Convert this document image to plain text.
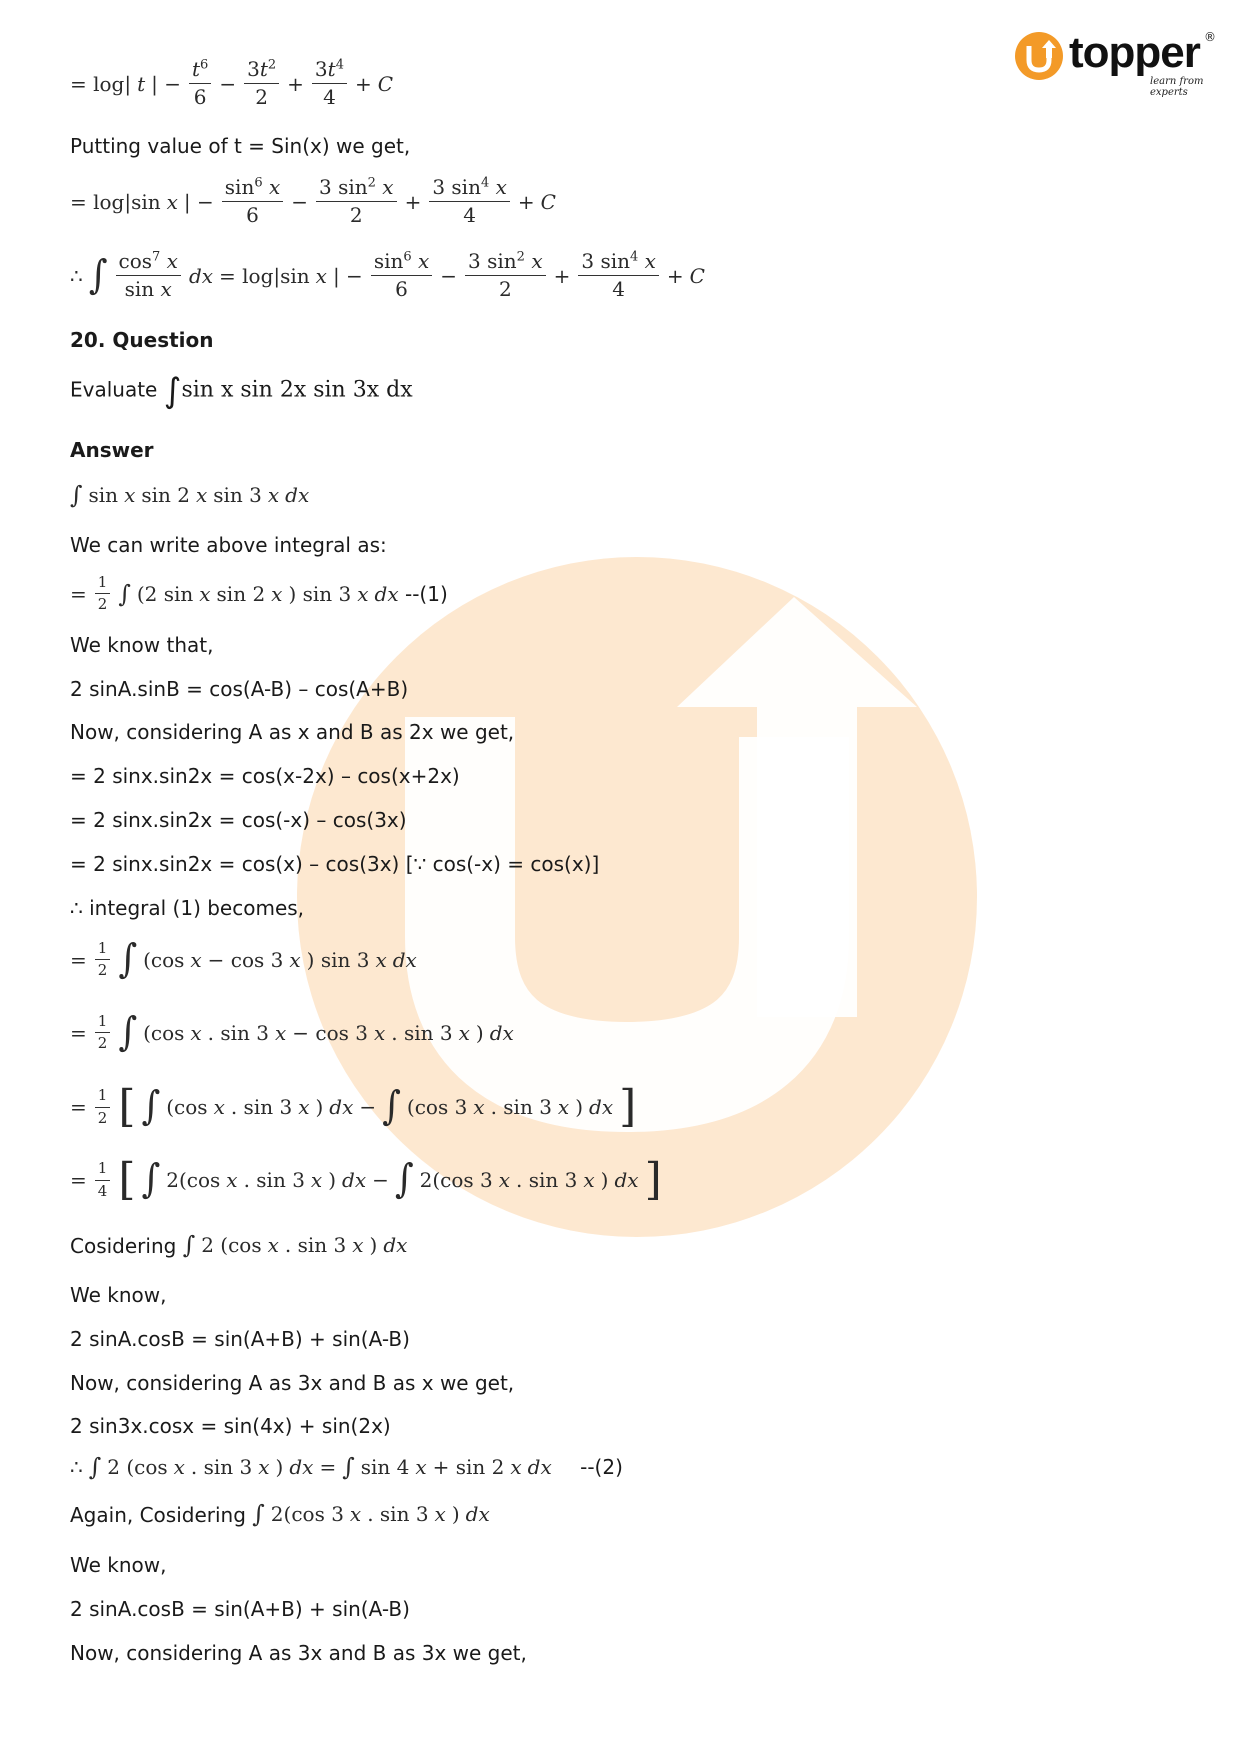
topper
learn from experts
®
= log| t | − $\frac{t^6}{6} - \frac{3t^2}{2} + \frac{3t^4}{4} + C$
Putting value of t = Sin(x) we get,
= log|sin x | − $\frac{\sin^6 x}{6} - \frac{3 \sin^2 x}{2} + \frac{3 \sin^4 x}{4} + C$
∴ ∫ $\frac{\cos^7 x}{\text{sin x}}$ dx = log|sin x | − $\frac{\sin^6 x}{6} - \frac{3 \sin^2 x}{2} + \frac{3 \sin^4 x}{4} + C$
20. Question
Evaluate ∫sin x sin 2x sin 3x dx
Answer
∫ sin x sin 2 x sin 3 x dx
We can write above integral as:
= $\frac{1}{2}$ ∫ (2 sin x sin 2 x ) sin 3 x dx --(1)
We know that,
2 sinA.sinB = cos(A-B) – cos(A+B)
Now, considering A as x and B as 2x we get,
= 2 sinx.sin2x = cos(x-2x) – cos(x+2x)
= 2 sinx.sin2x = cos(-x) – cos(3x)
= 2 sinx.sin2x = cos(x) – cos(3x) [∵ cos(-x) = cos(x)]
∴ integral (1) becomes,
= $\frac{1}{2}$ ∫ (cos x − cos 3 x ) sin 3 x dx
= $\frac{1}{2}$ ∫ (cos x . sin 3 x − cos 3 x . sin 3 x ) dx
= $\frac{1}{2}$ [ ∫ (cos x . sin 3 x ) dx − ∫ (cos 3 x . sin 3 x ) dx ]
= $\frac{1}{4}$ [ ∫ 2(cos x . sin 3 x ) dx − ∫ 2(cos 3 x . sin 3 x ) dx ]
Cosidering ∫ 2 (cos x . sin 3 x ) dx
We know,
2 sinA.cosB = sin(A+B) + sin(A-B)
Now, considering A as 3x and B as x we get,
2 sin3x.cosx = sin(4x) + sin(2x)
∴ ∫ 2 (cos x . sin 3 x ) dx = ∫ sin 4 x + sin 2 x dx --(2)
Again, Cosidering ∫ 2(cos 3 x . sin 3 x ) dx
We know,
2 sinA.cosB = sin(A+B) + sin(A-B)
Now, considering A as 3x and B as 3x we get,
